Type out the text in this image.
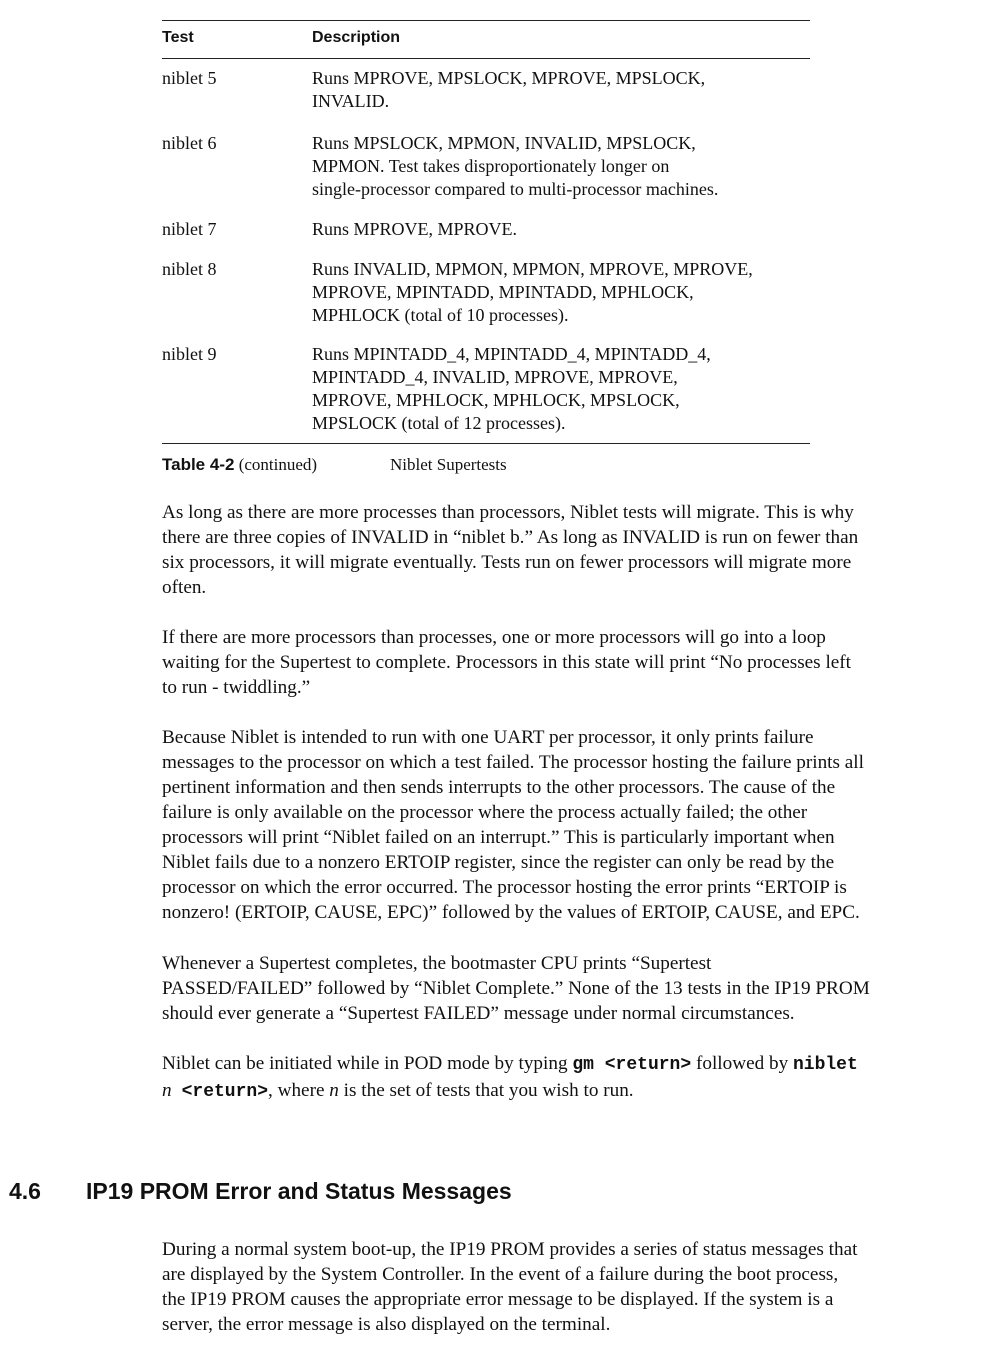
Test	Description
niblet 5	Runs MPROVE, MPSLOCK, MPROVE, MPSLOCK,
INVALID.
niblet 6	Runs MPSLOCK, MPMON, INVALID, MPSLOCK,
MPMON. Test takes disproportionately longer on
single-processor compared to multi-processor machines.
niblet 7	Runs MPROVE, MPROVE.
niblet 8	Runs INVALID, MPMON, MPMON, MPROVE, MPROVE,
MPROVE, MPINTADD, MPINTADD, MPHLOCK,
MPHLOCK (total of 10 processes).
niblet 9	Runs MPINTADD_4, MPINTADD_4, MPINTADD_4,
MPINTADD_4, INVALID, MPROVE, MPROVE,
MPROVE, MPHLOCK, MPHLOCK, MPSLOCK,
MPSLOCK (total of 12 processes).
Table 4-2 (continued)	Niblet Supertests
As long as there are more processes than processors, Niblet tests will migrate. This is why
there are three copies of INVALID in “niblet b.” As long as INVALID is run on fewer than
six processors, it will migrate eventually. Tests run on fewer processors will migrate more
often.
If there are more processors than processes, one or more processors will go into a loop
waiting for the Supertest to complete. Processors in this state will print “No processes left
to run - twiddling.”
Because Niblet is intended to run with one UART per processor, it only prints failure
messages to the processor on which a test failed. The processor hosting the failure prints all
pertinent information and then sends interrupts to the other processors. The cause of the
failure is only available on the processor where the process actually failed; the other
processors will print “Niblet failed on an interrupt.” This is particularly important when
Niblet fails due to a nonzero ERTOIP register, since the register can only be read by the
processor on which the error occurred. The processor hosting the error prints “ERTOIP is
nonzero! (ERTOIP, CAUSE, EPC)” followed by the values of ERTOIP, CAUSE, and EPC.
Whenever a Supertest completes, the bootmaster CPU prints “Supertest
PASSED/FAILED” followed by “Niblet Complete.” None of the 13 tests in the IP19 PROM
should ever generate a “Supertest FAILED” message under normal circumstances.
Niblet can be initiated while in POD mode by typing gm <return> followed by niblet
n <return>, where n is the set of tests that you wish to run.
4.6 IP19 PROM Error and Status Messages
During a normal system boot-up, the IP19 PROM provides a series of status messages that
are displayed by the System Controller. In the event of a failure during the boot process,
the IP19 PROM causes the appropriate error message to be displayed. If the system is a
server, the error message is also displayed on the terminal.
